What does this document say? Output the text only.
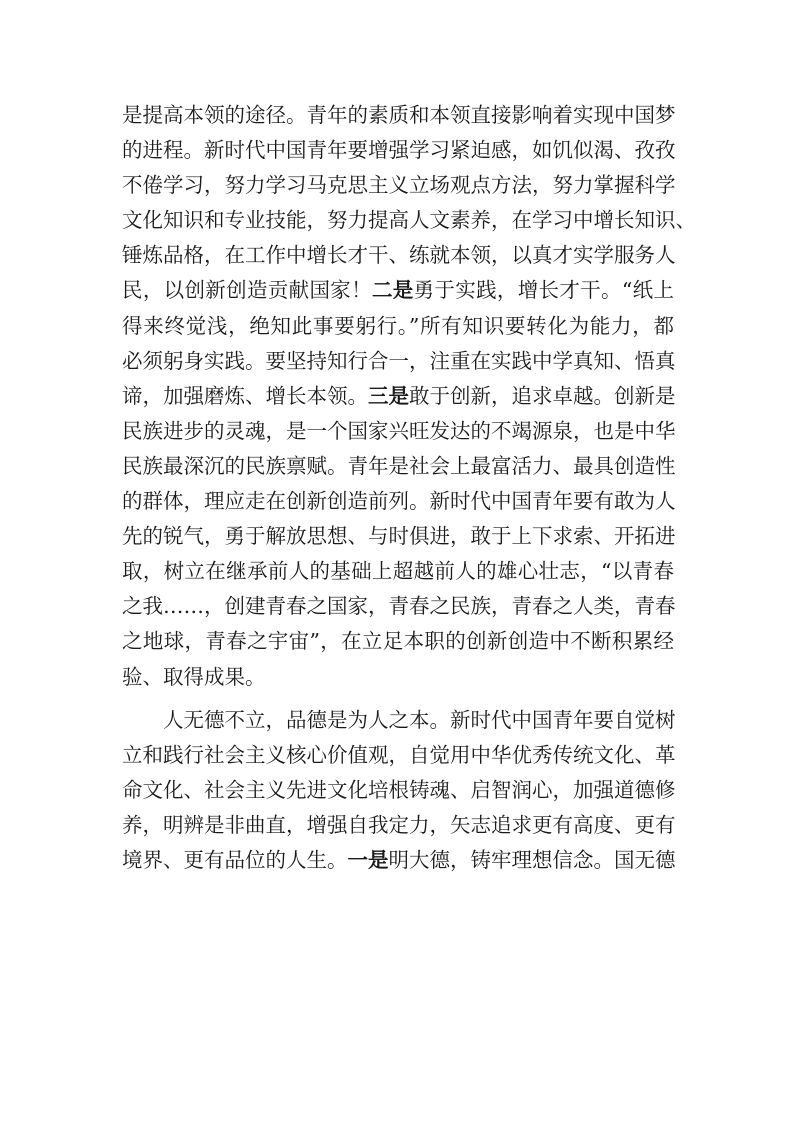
是提高本领的途径。青年的素质和本领直接影响着实现中国梦
的进程。新时代中国青年要增强学习紧迫感，如饥似渴、孜孜
不倦学习，努力学习马克思主义立场观点方法，努力掌握科学
文化知识和专业技能，努力提高人文素养，在学习中增长知识、
锤炼品格，在工作中增长才干、练就本领，以真才实学服务人
民，以创新创造贡献国家！二是勇于实践，增长才干。“纸上
得来终觉浅，绝知此事要躬行。”所有知识要转化为能力，都
必须躬身实践。要坚持知行合一，注重在实践中学真知、悟真
谛，加强磨炼、增长本领。三是敢于创新，追求卓越。创新是
民族进步的灵魂，是一个国家兴旺发达的不竭源泉，也是中华
民族最深沉的民族禀赋。青年是社会上最富活力、最具创造性
的群体，理应走在创新创造前列。新时代中国青年要有敢为人
先的锐气，勇于解放思想、与时俱进，敢于上下求索、开拓进
取，树立在继承前人的基础上超越前人的雄心壮志，“以青春
之我……，创建青春之国家，青春之民族，青春之人类，青春
之地球，青春之宇宙”，在立足本职的创新创造中不断积累经
验、取得成果。
人无德不立，品德是为人之本。新时代中国青年要自觉树
立和践行社会主义核心价值观，自觉用中华优秀传统文化、革
命文化、社会主义先进文化培根铸魂、启智润心，加强道德修
养，明辨是非曲直，增强自我定力，矢志追求更有高度、更有
境界、更有品位的人生。一是明大德，铸牢理想信念。国无德
